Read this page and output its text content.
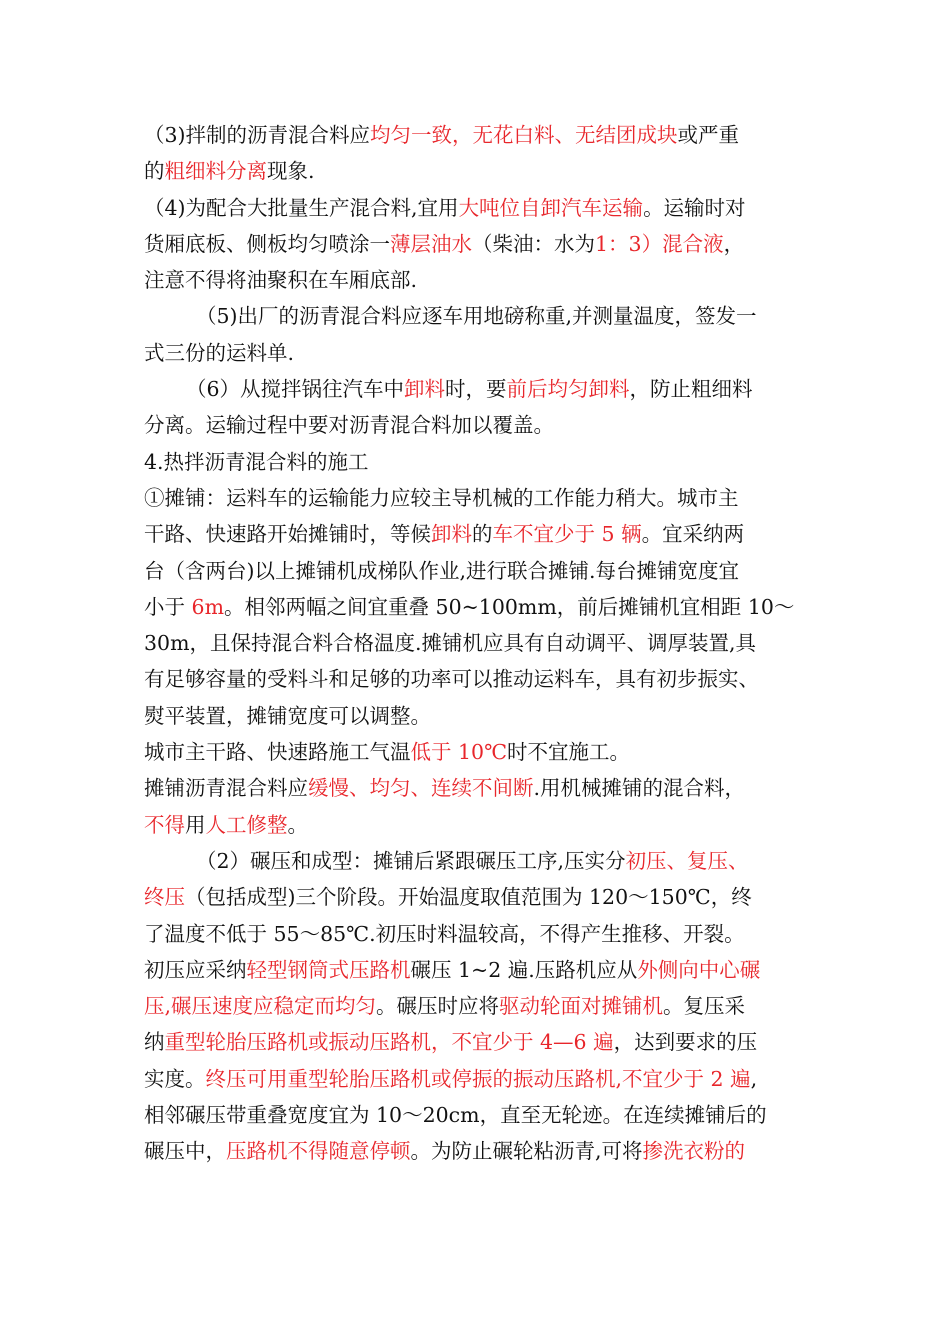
（3)拌制的沥青混合料应均匀一致，无花白料、无结团成块或严重

的粗细料分离现象.

（4)为配合大批量生产混合料,宜用大吨位自卸汽车运输。运输时对

货厢底板、侧板均匀喷涂一薄层油水（柴油：水为1：3）混合液，

注意不得将油聚积在车厢底部.

（5)出厂的沥青混合料应逐车用地磅称重,并测量温度，签发一

式三份的运料单.

（6）从搅拌锅往汽车中卸料时，要前后均匀卸料，防止粗细料

分离。运输过程中要对沥青混合料加以覆盖。

4.热拌沥青混合料的施工

①摊铺：运料车的运输能力应较主导机械的工作能力稍大。城市主

干路、快速路开始摊铺时，等候卸料的车不宜少于 5 辆。宜采纳两

台（含两台)以上摊铺机成梯队作业,进行联合摊铺.每台摊铺宽度宜

小于 6m。相邻两幅之间宜重叠 50~100mm，前后摊铺机宜相距 10～

30m，且保持混合料合格温度.摊铺机应具有自动调平、调厚装置,具

有足够容量的受料斗和足够的功率可以推动运料车，具有初步振实、

熨平装置，摊铺宽度可以调整。

城市主干路、快速路施工气温低于 10℃时不宜施工。

摊铺沥青混合料应缓慢、均匀、连续不间断.用机械摊铺的混合料，

不得用人工修整。

（2）碾压和成型：摊铺后紧跟碾压工序,压实分初压、复压、

终压（包括成型)三个阶段。开始温度取值范围为 120～150℃，终

了温度不低于 55～85℃.初压时料温较高，不得产生推移、开裂。

初压应采纳轻型钢筒式压路机碾压 1~2 遍.压路机应从外侧向中心碾

压,碾压速度应稳定而均匀。碾压时应将驱动轮面对摊铺机。复压采

纳重型轮胎压路机或振动压路机，不宜少于 4—6 遍，达到要求的压

实度。终压可用重型轮胎压路机或停振的振动压路机,不宜少于 2 遍,

相邻碾压带重叠宽度宜为 10～20cm，直至无轮迹。在连续摊铺后的

碾压中，压路机不得随意停顿。为防止碾轮粘沥青,可将掺洗衣粉的
